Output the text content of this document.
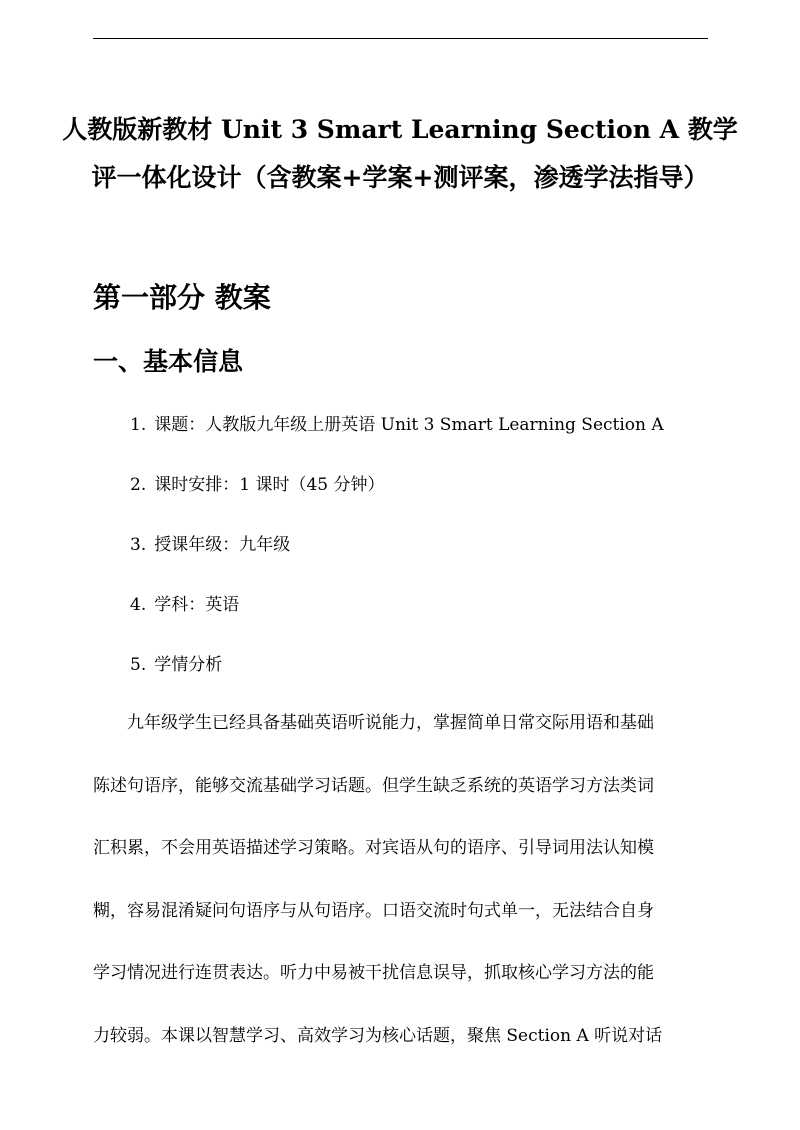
人教版新教材 Unit 3 Smart Learning Section A 教学
评一体化设计（含教案+学案+测评案，渗透学法指导）
第一部分 教案
一、基本信息
1. 课题：人教版九年级上册英语 Unit 3 Smart Learning Section A
2. 课时安排：1 课时（45 分钟）
3. 授课年级：九年级
4. 学科：英语
5. 学情分析

九年级学生已经具备基础英语听说能力，掌握简单日常交际用语和基础
陈述句语序，能够交流基础学习话题。但学生缺乏系统的英语学习方法类词
汇积累，不会用英语描述学习策略。对宾语从句的语序、引导词用法认知模
糊，容易混淆疑问句语序与从句语序。口语交流时句式单一，无法结合自身
学习情况进行连贯表达。听力中易被干扰信息误导，抓取核心学习方法的能
力较弱。本课以智慧学习、高效学习为核心话题，聚焦 Section A 听说对话
